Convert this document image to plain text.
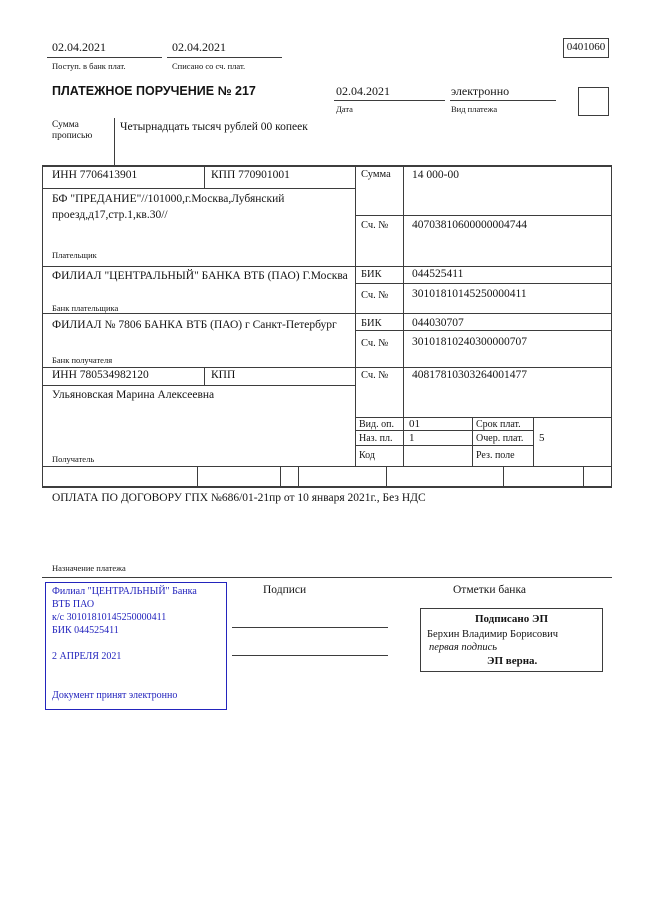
02.04.2021	02.04.2021
Поступ. в банк плат.	Списано со сч. плат.
0401060
ПЛАТЕЖНОЕ ПОРУЧЕНИЕ № 217	02.04.2021	электронно
Дата	Вид платежа
Сумма прописью
Четырнадцать тысяч рублей 00 копеек
ИНН 7706413901	КПП 770901001
БФ "ПРЕДАНИЕ"//101000,г.Москва,Лубянский проезд,д17,стр.1,кв.30//
Плательщик
Сумма 14 000-00
Сч. № 40703810600000004744
ФИЛИАЛ "ЦЕНТРАЛЬНЫЙ" БАНКА ВТБ (ПАО) Г.Москва
Банк плательщика
БИК	044525411
Сч. № 30101810145250000411
ФИЛИАЛ № 7806 БАНКА ВТБ (ПАО) г Санкт-Петербург
Банк получателя
БИК	044030707
Сч. № 30101810240300000707
ИНН 780534982120	КПП	Сч. № 40817810303264001477
Ульяновская Марина Алексеевна
Получатель
Вид. оп. 01	Срок плат.
Наз. пл. 1	Очер. плат. 5
Код	Рез. поле
ОПЛАТА ПО ДОГОВОРУ ГПХ №686/01-21пр от 10 января 2021г., Без НДС
Назначение платежа
Филиал "ЦЕНТРАЛЬНЫЙ" Банка
ВТБ ПАО
к/с 30101810145250000411
БИК 044525411
2 АПРЕЛЯ 2021
Документ принят электронно
Подписи	Отметки банка
Подписано ЭП
Берхин Владимир Борисович
первая подпись
ЭП верна.
